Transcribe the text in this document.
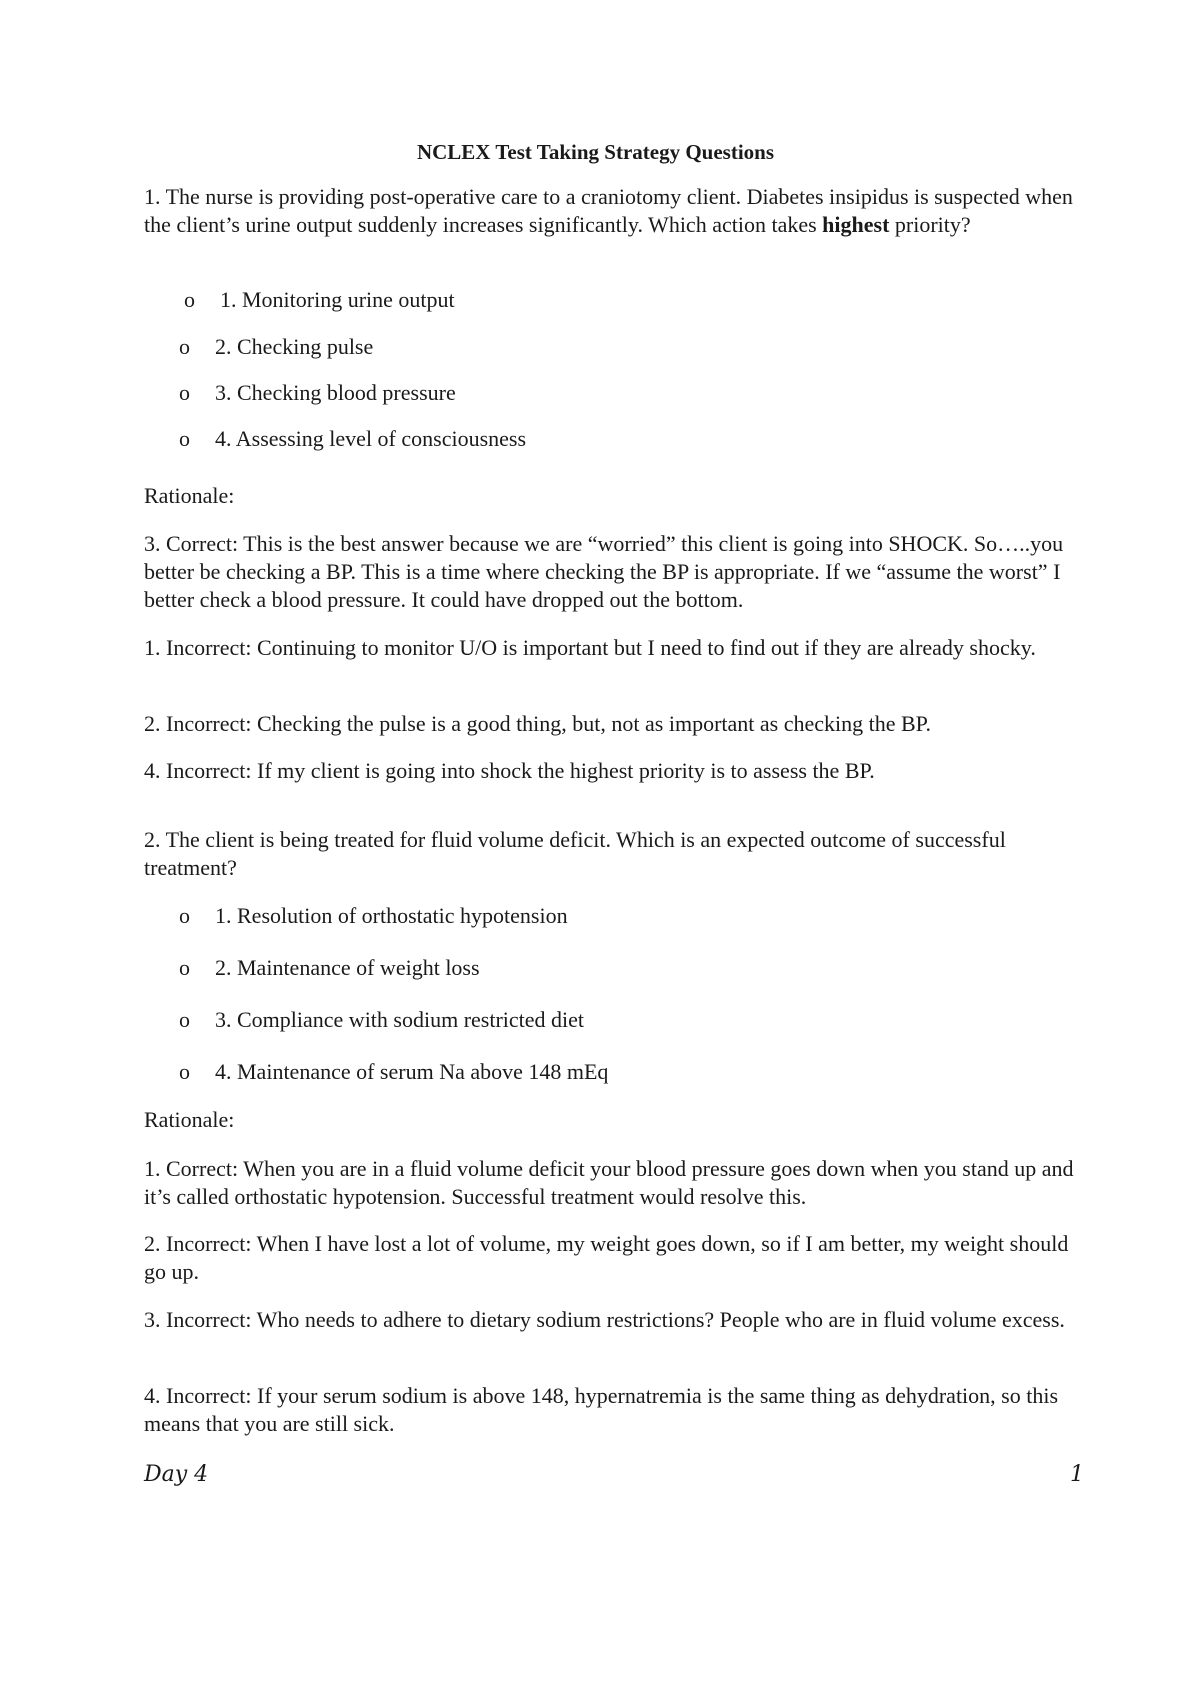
NCLEX Test Taking Strategy Questions

1. The nurse is providing post-operative care to a craniotomy client. Diabetes insipidus is suspected when the client’s urine output suddenly increases significantly. Which action takes highest priority?

o 1. Monitoring urine output
o 2. Checking pulse
o 3. Checking blood pressure
o 4. Assessing level of consciousness

Rationale:

3. Correct: This is the best answer because we are “worried” this client is going into SHOCK. So…..you better be checking a BP. This is a time where checking the BP is appropriate. If we “assume the worst” I better check a blood pressure. It could have dropped out the bottom.

1. Incorrect: Continuing to monitor U/O is important but I need to find out if they are already shocky.

2. Incorrect: Checking the pulse is a good thing, but, not as important as checking the BP.

4. Incorrect: If my client is going into shock the highest priority is to assess the BP.

2. The client is being treated for fluid volume deficit. Which is an expected outcome of successful treatment?

o 1. Resolution of orthostatic hypotension
o 2. Maintenance of weight loss
o 3. Compliance with sodium restricted diet
o 4. Maintenance of serum Na above 148 mEq

Rationale:

1. Correct: When you are in a fluid volume deficit your blood pressure goes down when you stand up and it’s called orthostatic hypotension. Successful treatment would resolve this.

2. Incorrect: When I have lost a lot of volume, my weight goes down, so if I am better, my weight should go up.

3. Incorrect: Who needs to adhere to dietary sodium restrictions? People who are in fluid volume excess.

4. Incorrect: If your serum sodium is above 148, hypernatremia is the same thing as dehydration, so this means that you are still sick.

Day 4	1
